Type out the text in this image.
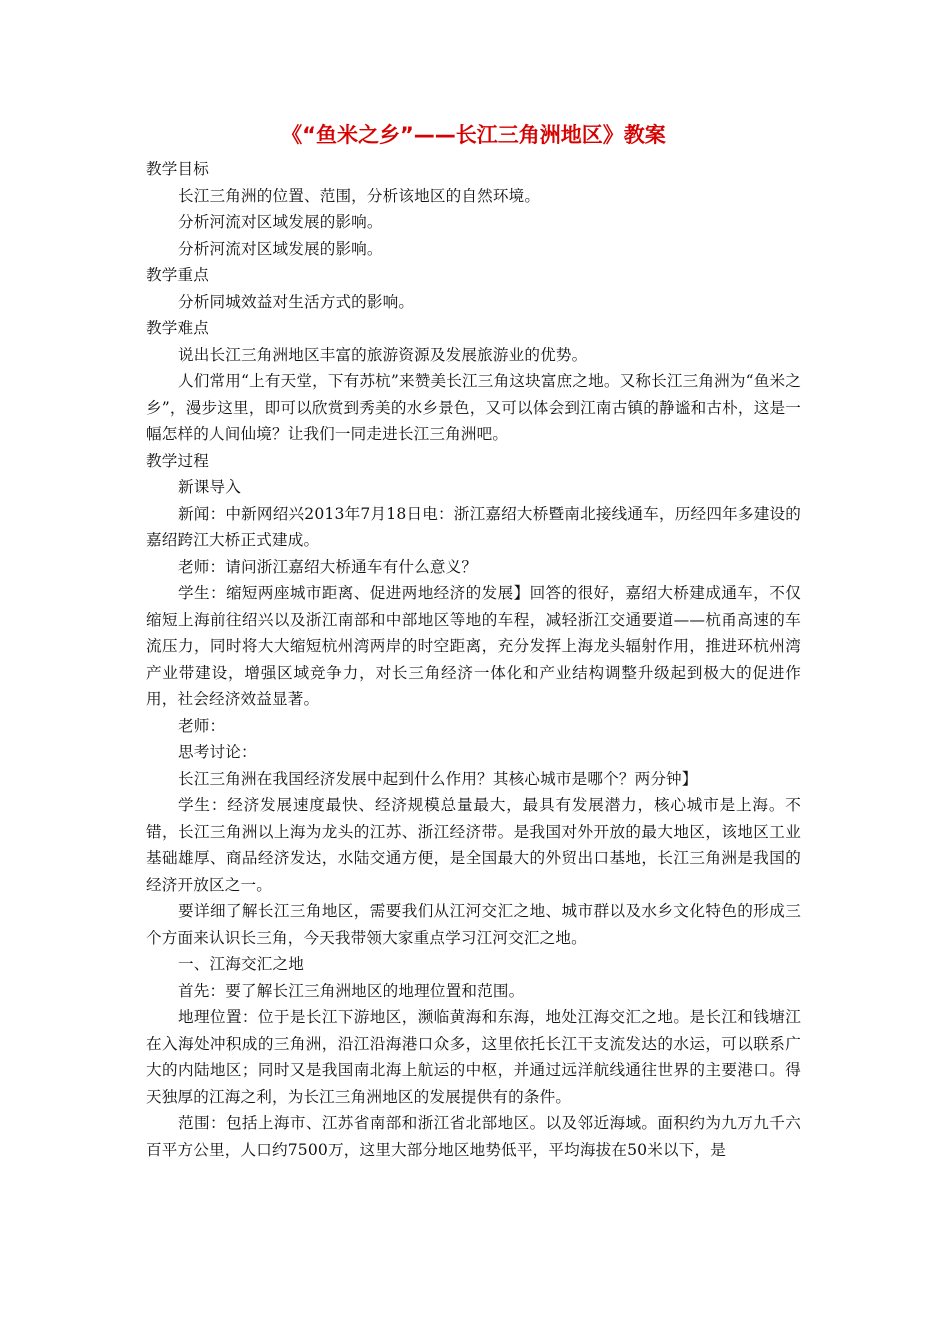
《“鱼米之乡”——长江三角洲地区》教案

教学目标

长江三角洲的位置、范围，分析该地区的自然环境。

分析河流对区域发展的影响。

分析河流对区域发展的影响。

教学重点

分析同城效益对生活方式的影响。

教学难点

说出长江三角洲地区丰富的旅游资源及发展旅游业的优势。

人们常用“上有天堂，下有苏杭”来赞美长江三角这块富庶之地。又称长江三角洲为“鱼米之乡”，漫步这里，即可以欣赏到秀美的水乡景色，又可以体会到江南古镇的静谧和古朴，这是一幅怎样的人间仙境？让我们一同走进长江三角洲吧。

教学过程

新课导入

新闻：中新网绍兴2013年7月18日电：浙江嘉绍大桥暨南北接线通车，历经四年多建设的嘉绍跨江大桥正式建成。

老师：请问浙江嘉绍大桥通车有什么意义？

学生：缩短两座城市距离、促进两地经济的发展】回答的很好，嘉绍大桥建成通车，不仅缩短上海前往绍兴以及浙江南部和中部地区等地的车程，减轻浙江交通要道——杭甬高速的车流压力，同时将大大缩短杭州湾两岸的时空距离，充分发挥上海龙头辐射作用，推进环杭州湾产业带建设，增强区域竞争力，对长三角经济一体化和产业结构调整升级起到极大的促进作用，社会经济效益显著。

老师：

思考讨论：

长江三角洲在我国经济发展中起到什么作用？其核心城市是哪个？两分钟】

学生：经济发展速度最快、经济规模总量最大，最具有发展潜力，核心城市是上海。不错，长江三角洲以上海为龙头的江苏、浙江经济带。是我国对外开放的最大地区，该地区工业基础雄厚、商品经济发达，水陆交通方便，是全国最大的外贸出口基地，长江三角洲是我国的经济开放区之一。

要详细了解长江三角地区，需要我们从江河交汇之地、城市群以及水乡文化特色的形成三个方面来认识长三角，今天我带领大家重点学习江河交汇之地。

一、江海交汇之地

首先：要了解长江三角洲地区的地理位置和范围。

地理位置：位于是长江下游地区，濒临黄海和东海，地处江海交汇之地。是长江和钱塘江在入海处冲积成的三角洲，沿江沿海港口众多，这里依托长江干支流发达的水运，可以联系广大的内陆地区；同时又是我国南北海上航运的中枢，并通过远洋航线通往世界的主要港口。得天独厚的江海之利，为长江三角洲地区的发展提供有的条件。

范围：包括上海市、江苏省南部和浙江省北部地区。以及邻近海域。面积约为九万九千六百平方公里，人口约7500万，这里大部分地区地势低平，平均海拔在50米以下，是
